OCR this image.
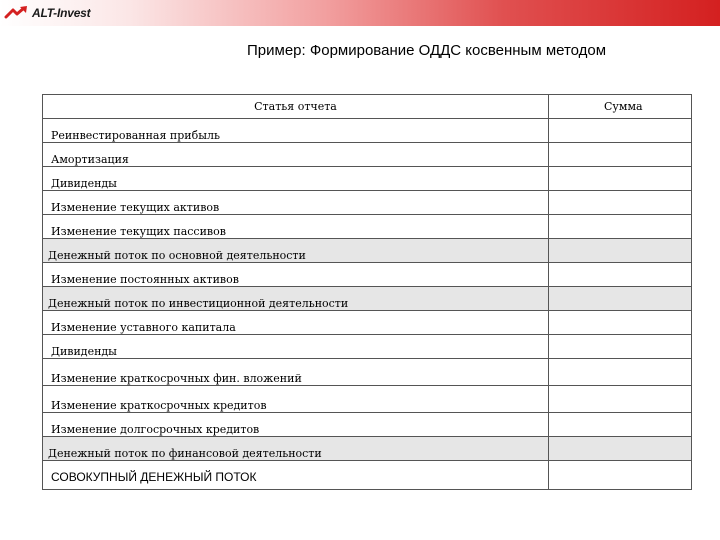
ALT-Invest
Пример: Формирование ОДДС косвенным методом
Статья отчета	Сумма
Реинвестированная прибыль	
Амортизация	
Дивиденды	
Изменение текущих активов	
Изменение текущих пассивов	
Денежный поток по основной деятельности	
Изменение постоянных активов	
Денежный поток по инвестиционной деятельности	
Изменение уставного капитала	
Дивиденды	
Изменение краткосрочных фин. вложений	
Изменение краткосрочных кредитов	
Изменение долгосрочных кредитов	
Денежный поток по финансовой деятельности	
СОВОКУПНЫЙ ДЕНЕЖНЫЙ ПОТОК	
